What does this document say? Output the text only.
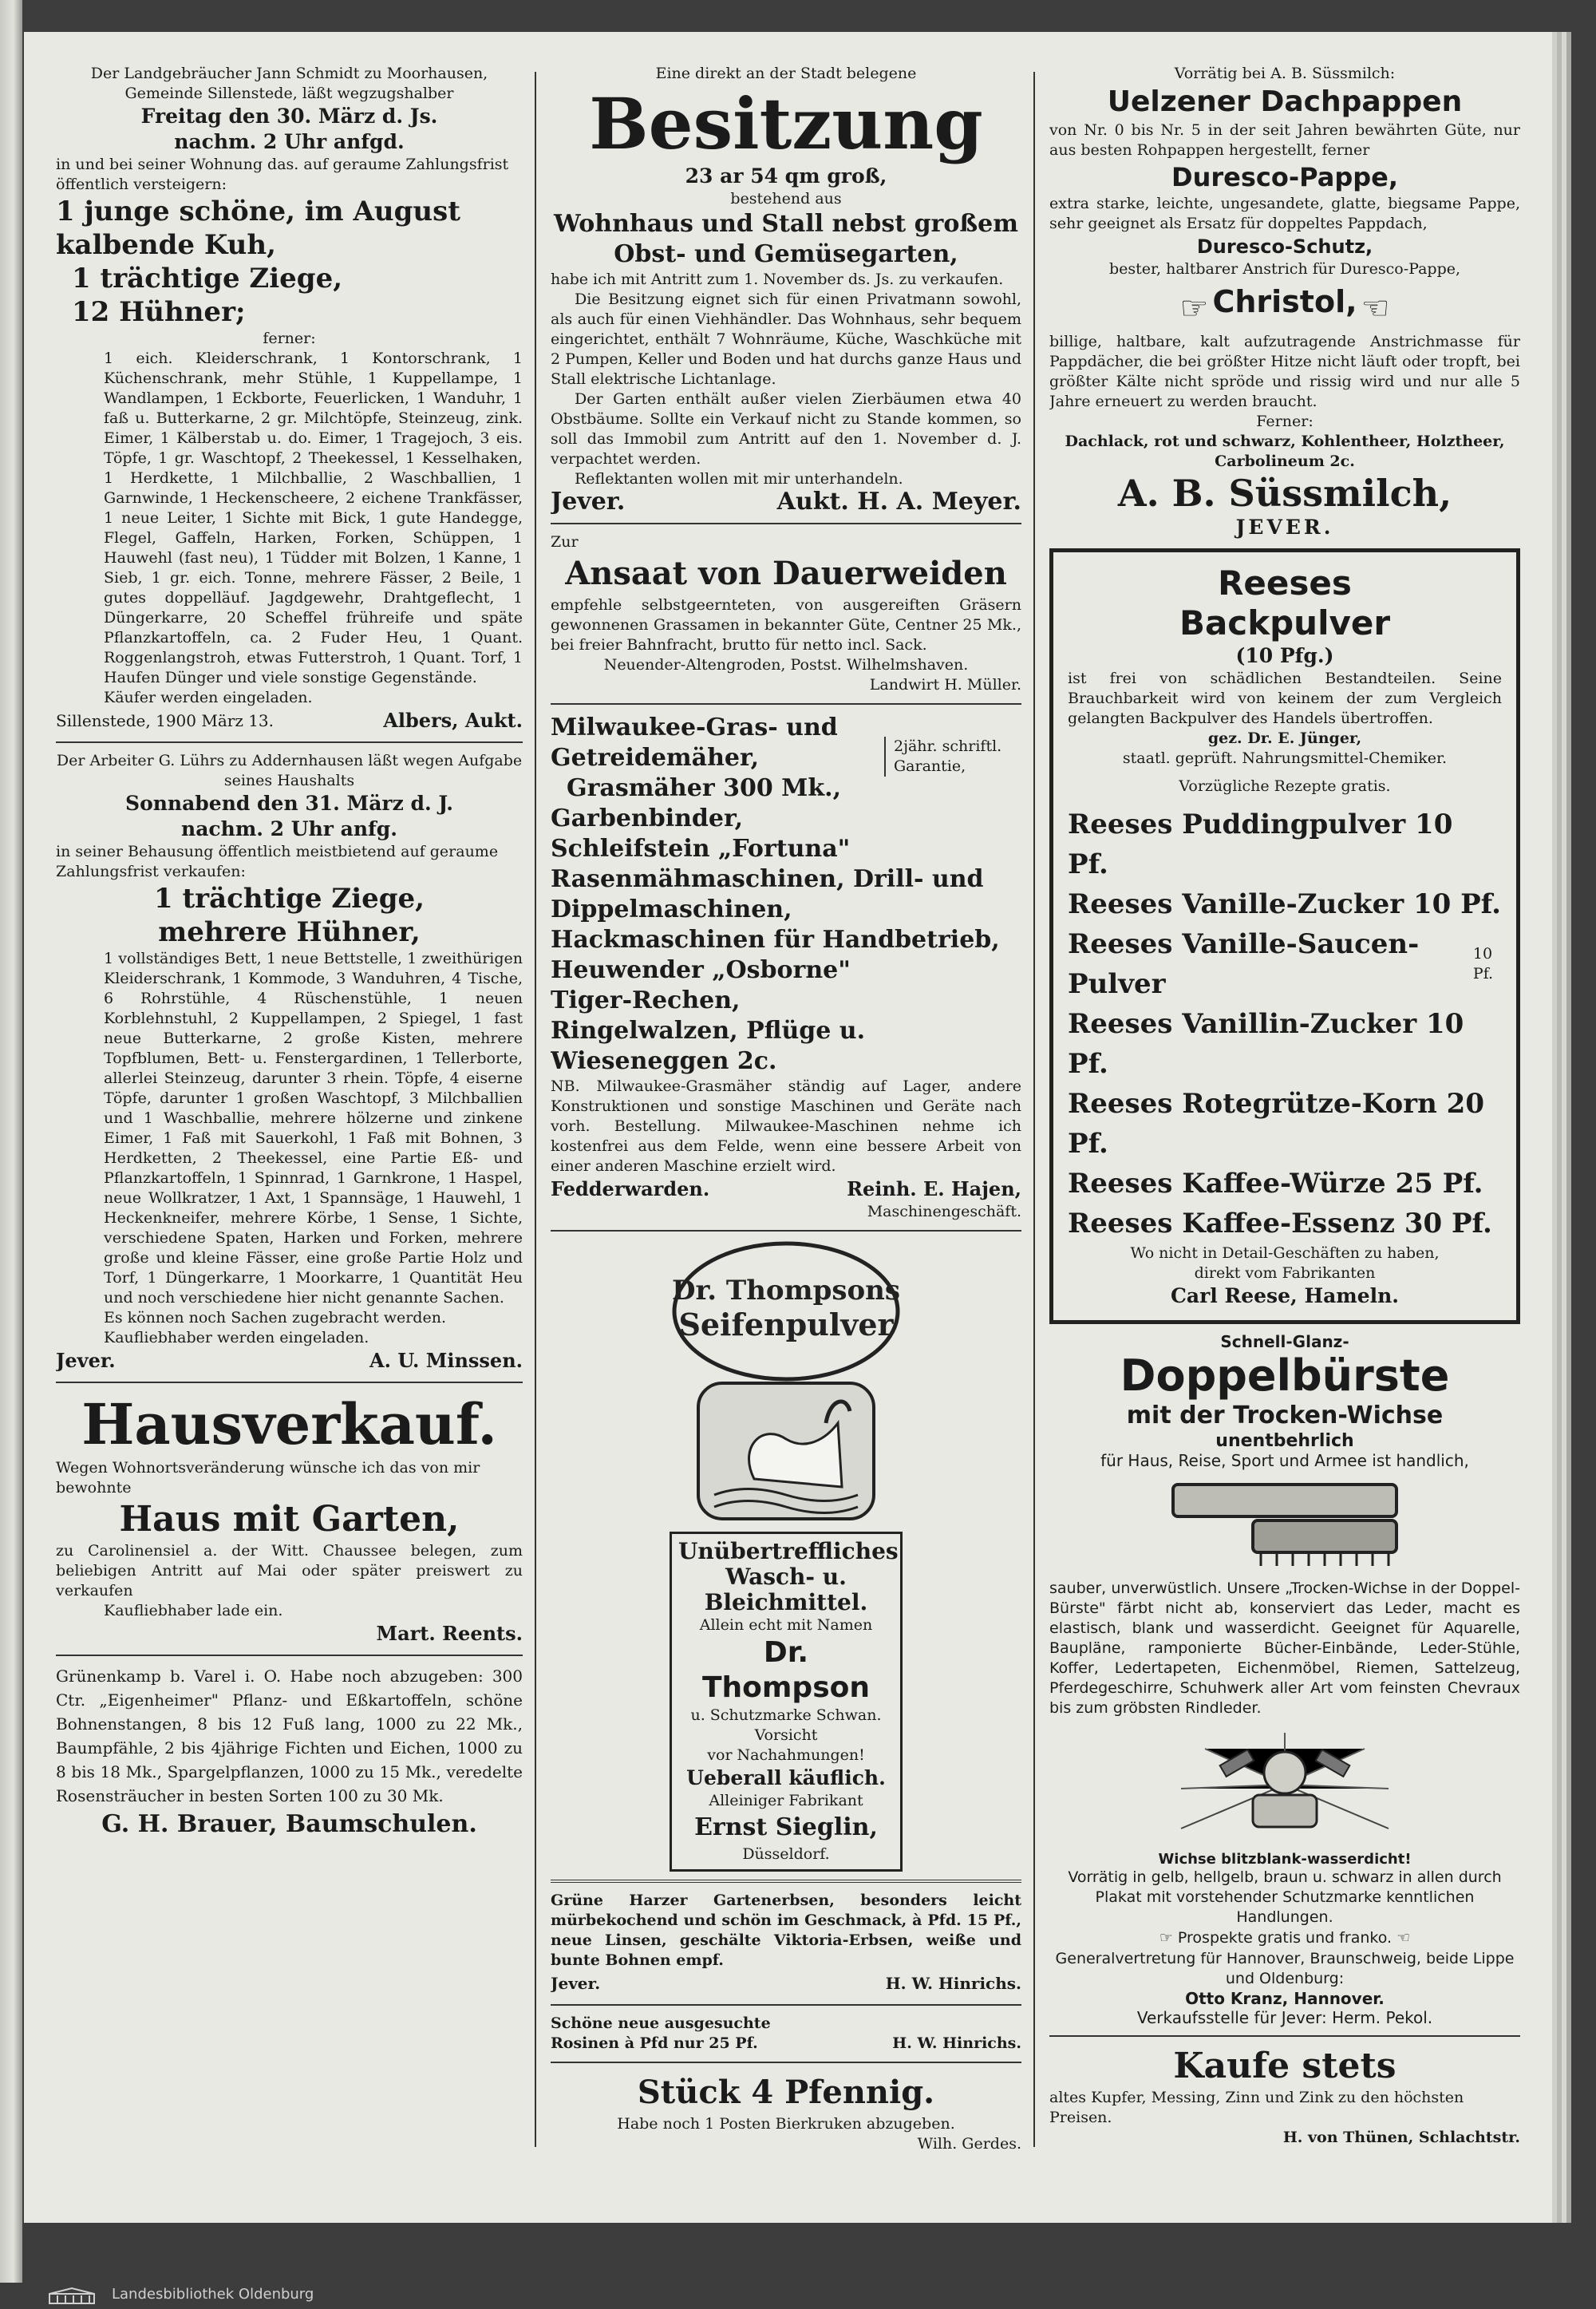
Der Landgebräucher Jann Schmidt zu Moorhausen, Gemeinde Sillenstede, läßt wegzugshalber

Freitag den 30. März d. Js.

nachm. 2 Uhr anfgd.

in und bei seiner Wohnung das. auf geraume Zahlungsfrist öffentlich versteigern:

1 junge schöne, im August kalbende Kuh,

1 trächtige Ziege,

12 Hühner;

ferner:

1 eich. Kleiderschrank, 1 Kontorschrank, 1 Küchenschrank, mehr Stühle, 1 Kuppellampe, 1 Wandlampen, 1 Eckborte, Feuerlicken, 1 Wanduhr, 1 faß u. Butterkarne, 2 gr. Milchtöpfe, Steinzeug, zink. Eimer, 1 Kälberstab u. do. Eimer, 1 Tragejoch, 3 eis. Töpfe, 1 gr. Waschtopf, 2 Theekessel, 1 Kesselhaken, 1 Herdkette, 1 Milchballie, 2 Waschballien, 1 Garnwinde, 1 Heckenscheere, 2 eichene Trankfässer, 1 neue Leiter, 1 Sichte mit Bick, 1 gute Handegge, Flegel, Gaffeln, Harken, Forken, Schüppen, 1 Hauwehl (fast neu), 1 Tüdder mit Bolzen, 1 Kanne, 1 Sieb, 1 gr. eich. Tonne, mehrere Fässer, 2 Beile, 1 gutes doppelläuf. Jagdgewehr, Drahtgeflecht, 1 Düngerkarre, 20 Scheffel frühreife und späte Pflanzkartoffeln, ca. 2 Fuder Heu, 1 Quant. Roggenlangstroh, etwas Futterstroh, 1 Quant. Torf, 1 Haufen Dünger und viele sonstige Gegenstände.

Käufer werden eingeladen.

Sillenstede, 1900 März 13.	Albers, Aukt.

Der Arbeiter G. Lührs zu Addernhausen läßt wegen Aufgabe seines Haushalts

Sonnabend den 31. März d. J.

nachm. 2 Uhr anfg.

in seiner Behausung öffentlich meistbietend auf geraume Zahlungsfrist verkaufen:

1 trächtige Ziege,

mehrere Hühner,

1 vollständiges Bett, 1 neue Bettstelle, 1 zweithürigen Kleiderschrank, 1 Kommode, 3 Wanduhren, 4 Tische, 6 Rohrstühle, 4 Rüschenstühle, 1 neuen Korblehnstuhl, 2 Kuppellampen, 2 Spiegel, 1 fast neue Butterkarne, 2 große Kisten, mehrere Topfblumen, Bett- u. Fenstergardinen, 1 Tellerborte, allerlei Steinzeug, darunter 3 rhein. Töpfe, 4 eiserne Töpfe, darunter 1 großen Waschtopf, 3 Milchballien und 1 Waschballie, mehrere hölzerne und zinkene Eimer, 1 Faß mit Sauerkohl, 1 Faß mit Bohnen, 3 Herdketten, 2 Theekessel, eine Partie Eß- und Pflanzkartoffeln, 1 Spinnrad, 1 Garnkrone, 1 Haspel, neue Wollkratzer, 1 Axt, 1 Spannsäge, 1 Hauwehl, 1 Heckenkneifer, mehrere Körbe, 1 Sense, 1 Sichte, verschiedene Spaten, Harken und Forken, mehrere große und kleine Fässer, eine große Partie Holz und Torf, 1 Düngerkarre, 1 Moorkarre, 1 Quantität Heu und noch verschiedene hier nicht genannte Sachen.

Es können noch Sachen zugebracht werden.

Kaufliebhaber werden eingeladen.

Jever.	A. U. Minssen.

Hausverkauf.

Wegen Wohnortsveränderung wünsche ich das von mir bewohnte

Haus mit Garten,

zu Carolinensiel a. der Witt. Chaussee belegen, zum beliebigen Antritt auf Mai oder später preiswert zu verkaufen

Kaufliebhaber lade ein.

Mart. Reents.

Grünenkamp b. Varel i. O. Habe noch abzugeben: 300 Ctr. „Eigenheimer" Pflanz- und Eßkartoffeln, schöne Bohnenstangen, 8 bis 12 Fuß lang, 1000 zu 22 Mk., Baumpfähle, 2 bis 4jährige Fichten und Eichen, 1000 zu 8 bis 18 Mk., Spargelpflanzen, 1000 zu 15 Mk., veredelte Rosensträucher in besten Sorten 100 zu 30 Mk.

G. H. Brauer, Baumschulen.

Eine direkt an der Stadt belegene

Besitzung

23 ar 54 qm groß,

bestehend aus

Wohnhaus und Stall nebst großem Obst- und Gemüsegarten,

habe ich mit Antritt zum 1. November ds. Js. zu verkaufen.

Die Besitzung eignet sich für einen Privatmann sowohl, als auch für einen Viehhändler. Das Wohnhaus, sehr bequem eingerichtet, enthält 7 Wohnräume, Küche, Waschküche mit 2 Pumpen, Keller und Boden und hat durchs ganze Haus und Stall elektrische Lichtanlage.

Der Garten enthält außer vielen Zierbäumen etwa 40 Obstbäume. Sollte ein Verkauf nicht zu Stande kommen, so soll das Immobil zum Antritt auf den 1. November d. J. verpachtet werden.

Reflektanten wollen mit mir unterhandeln.

Jever.	Aukt. H. A. Meyer.

Zur

Ansaat von Dauerweiden

empfehle selbstgeernteten, von ausgereiften Gräsern gewonnenen Grassamen in bekannter Güte, Centner 25 Mk., bei freier Bahnfracht, brutto für netto incl. Sack.

Neuender-Altengroden, Postst. Wilhelmshaven.

Landwirt H. Müller.

Milwaukee-Gras- und Getreidemäher,

Grasmäher 300 Mk.,

2jähr. schriftl. Garantie,

Garbenbinder,

Schleifstein „Fortuna"

Rasenmähmaschinen, Drill- und Dippelmaschinen,

Hackmaschinen für Handbetrieb,

Heuwender „Osborne"

Tiger-Rechen,

Ringelwalzen, Pflüge u. Wieseneggen 2c.

NB. Milwaukee-Grasmäher ständig auf Lager, andere Konstruktionen und sonstige Maschinen und Geräte nach vorh. Bestellung. Milwaukee-Maschinen nehme ich kostenfrei aus dem Felde, wenn eine bessere Arbeit von einer anderen Maschine erzielt wird.

Fedderwarden.	Reinh. E. Hajen,

Maschinengeschäft.

Dr. Thompsons
Seifenpulver

Unübertreffliches

Wasch- u. Bleichmittel.

Allein echt mit Namen

Dr. Thompson

u. Schutzmarke Schwan.

Vorsicht

vor Nachahmungen!

Ueberall käuflich.

Alleiniger Fabrikant

Ernst Sieglin,

Düsseldorf.

Grüne Harzer Gartenerbsen, besonders leicht mürbekochend und schön im Geschmack, à Pfd. 15 Pf., neue Linsen, geschälte Viktoria-Erbsen, weiße und bunte Bohnen empf.

Jever.	H. W. Hinrichs.

Schöne neue ausgesuchte Rosinen à Pfd nur 25 Pf.	H. W. Hinrichs.

Stück 4 Pfennig.

Habe noch 1 Posten Bierkruken abzugeben.

Wilh. Gerdes.

Vorrätig bei A. B. Süssmilch:

Uelzener Dachpappen

von Nr. 0 bis Nr. 5 in der seit Jahren bewährten Güte, nur aus besten Rohpappen hergestellt, ferner

Duresco-Pappe,

extra starke, leichte, ungesandete, glatte, biegsame Pappe, sehr geeignet als Ersatz für doppeltes Pappdach,

Duresco-Schutz,

bester, haltbarer Anstrich für Duresco-Pappe,

☞ Christol, ☜

billige, haltbare, kalt aufzutragende Anstrichmasse für Pappdächer, die bei größter Hitze nicht läuft oder tropft, bei größter Kälte nicht spröde und rissig wird und nur alle 5 Jahre erneuert zu werden braucht.

Ferner:

Dachlack, rot und schwarz, Kohlentheer, Holztheer, Carbolineum 2c.

A. B. Süssmilch,

JEVER.

Reeses

Backpulver

(10 Pfg.)

ist frei von schädlichen Bestandteilen. Seine Brauchbarkeit wird von keinem der zum Vergleich gelangten Backpulver des Handels übertroffen.

gez. Dr. E. Jünger,

staatl. geprüft. Nahrungsmittel-Chemiker.

Vorzügliche Rezepte gratis.

Reeses Puddingpulver 10 Pf.

Reeses Vanille-Zucker 10 Pf.

Reeses Vanille-Saucen-Pulver
10 Pf.

Reeses Vanillin-Zucker 10 Pf.

Reeses Rotegrütze-Korn 20 Pf.

Reeses Kaffee-Würze 25 Pf.

Reeses Kaffee-Essenz 30 Pf.

Wo nicht in Detail-Geschäften zu haben,

direkt vom Fabrikanten

Carl Reese, Hameln.

Schnell-Glanz-

Doppelbürste

mit der Trocken-Wichse

unentbehrlich

für Haus, Reise, Sport und Armee ist handlich,

sauber, unverwüstlich. Unsere „Trocken-Wichse in der Doppel-Bürste" färbt nicht ab, konserviert das Leder, macht es elastisch, blank und wasserdicht. Geeignet für Aquarelle, Baupläne, ramponierte Bücher-Einbände, Leder-Stühle, Koffer, Ledertapeten, Eichenmöbel, Riemen, Sattelzeug, Pferdegeschirre, Schuhwerk aller Art vom feinsten Chevraux bis zum gröbsten Rindleder.

Wichse blitzblank-wasserdicht!

Vorrätig in gelb, hellgelb, braun u. schwarz in allen durch Plakat mit vorstehender Schutzmarke kenntlichen Handlungen.

☞ Prospekte gratis und franko. ☜

Generalvertretung für Hannover, Braunschweig, beide Lippe und Oldenburg:

Otto Kranz, Hannover.

Verkaufsstelle für Jever: Herm. Pekol.

Kaufe stets

altes Kupfer, Messing, Zinn und Zink zu den höchsten Preisen.

H. von Thünen, Schlachtstr.

Landesbibliothek Oldenburg
